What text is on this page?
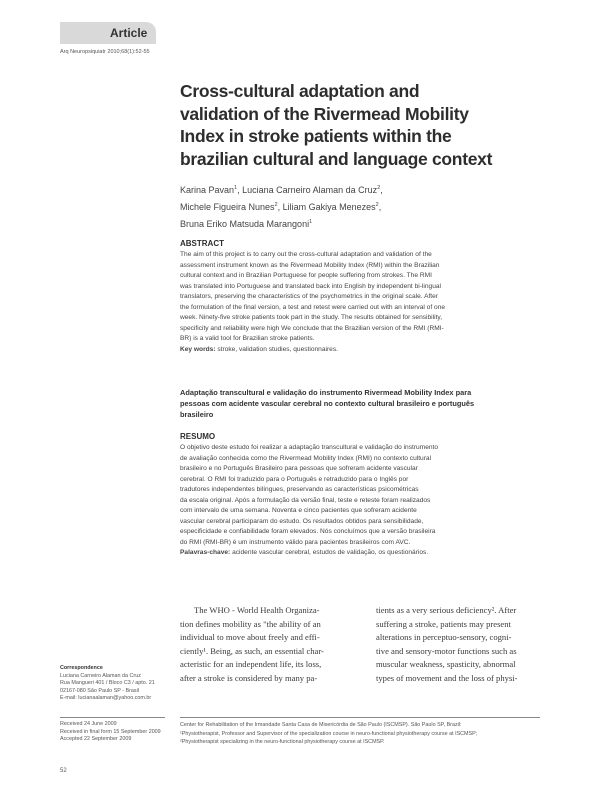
Article
Arq Neuropsiquiatr 2010;68(1):52-55
Cross-cultural adaptation and
validation of the Rivermead Mobility
Index in stroke patients within the
brazilian cultural and language context
Karina Pavan$^1$, Luciana Carneiro Alaman da Cruz$^2$,
Michele Figueira Nunes$^2$, Liliam Gakiya Menezes$^2$,
Bruna Eriko Matsuda Marangoni$^1$
ABSTRACT
The aim of this project is to carry out the cross-cultural adaptation and validation of the
assessment instrument known as the Rivermead Mobility Index (RMI) within the Brazilian
cultural context and in Brazilian Portuguese for people suffering from strokes. The RMI
was translated into Portuguese and translated back into English by independent bi-lingual
translators, preserving the characteristics of the psychometrics in the original scale. After
the formulation of the final version, a test and retest were carried out with an interval of one
week. Ninety-five stroke patients took part in the study. The results obtained for sensibility,
specificity and reliability were high We conclude that the Brazilian version of the RMI (RMI-
BR) is a valid tool for Brazilian stroke patients.
Key words: stroke, validation studies, questionnaires.
Adaptação transcultural e validação do instrumento Rivermead Mobility Index para
pessoas com acidente vascular cerebral no contexto cultural brasileiro e português
brasileiro
RESUMO
O objetivo deste estudo foi realizar a adaptação transcultural e validação do instrumento
de avaliação conhecida como the Rivermead Mobility Index (RMI) no contexto cultural
brasileiro e no Português Brasileiro para pessoas que sofreram acidente vascular
cerebral. O RMI foi traduzido para o Português e retraduzido para o Inglês por
tradutores independentes bilíngues, preservando as características psicométricas
da escala original. Após a formulação da versão final, teste e reteste foram realizados
com intervalo de uma semana. Noventa e cinco pacientes que sofreram acidente
vascular cerebral participaram do estudo. Os resultados obtidos para sensibilidade,
especificidade e confiabilidade foram elevados. Nós concluímos que a versão brasileira
do RMI (RMI-BR) é um instrumento válido para pacientes brasileiros com AVC.
Palavras-chave: acidente vascular cerebral, estudos de validação, os questionários.
The WHO - World Health Organiza-
tion defines mobility as "the ability of an
individual to move about freely and effi-
ciently¹. Being, as such, an essential char-
acteristic for an independent life, its loss,
after a stroke is considered by many pa-
tients as a very serious deficiency². After
suffering a stroke, patients may present
alterations in perceptuo-sensory, cogni-
tive and sensory-motor functions such as
muscular weakness, spasticity, abnormal
types of movement and the loss of physi-
Correspondence
Luciana Carneiro Alaman da Cruz
Rua Mangueri 401 / Bloco C3 / apto. 21
02167-080 São Paulo SP - Brasil
E-mail: lucianaalaman@yahoo.com.br
Received 24 June 2009
Received in final form 15 September 2009
Accepted 22 September 2009
Center for Rehabilitation of the Irmandade Santa Casa de Misericórdia de São Paulo (ISCMSP). São Paulo SP, Brazil:
¹Physiotherapist, Professor and Supervisor of the specialization course in neuro-functional physiotherapy course at ISCMSP;
²Physiotherapist specializing in the neuro-functional physiotherapy course at ISCMSP.
52
